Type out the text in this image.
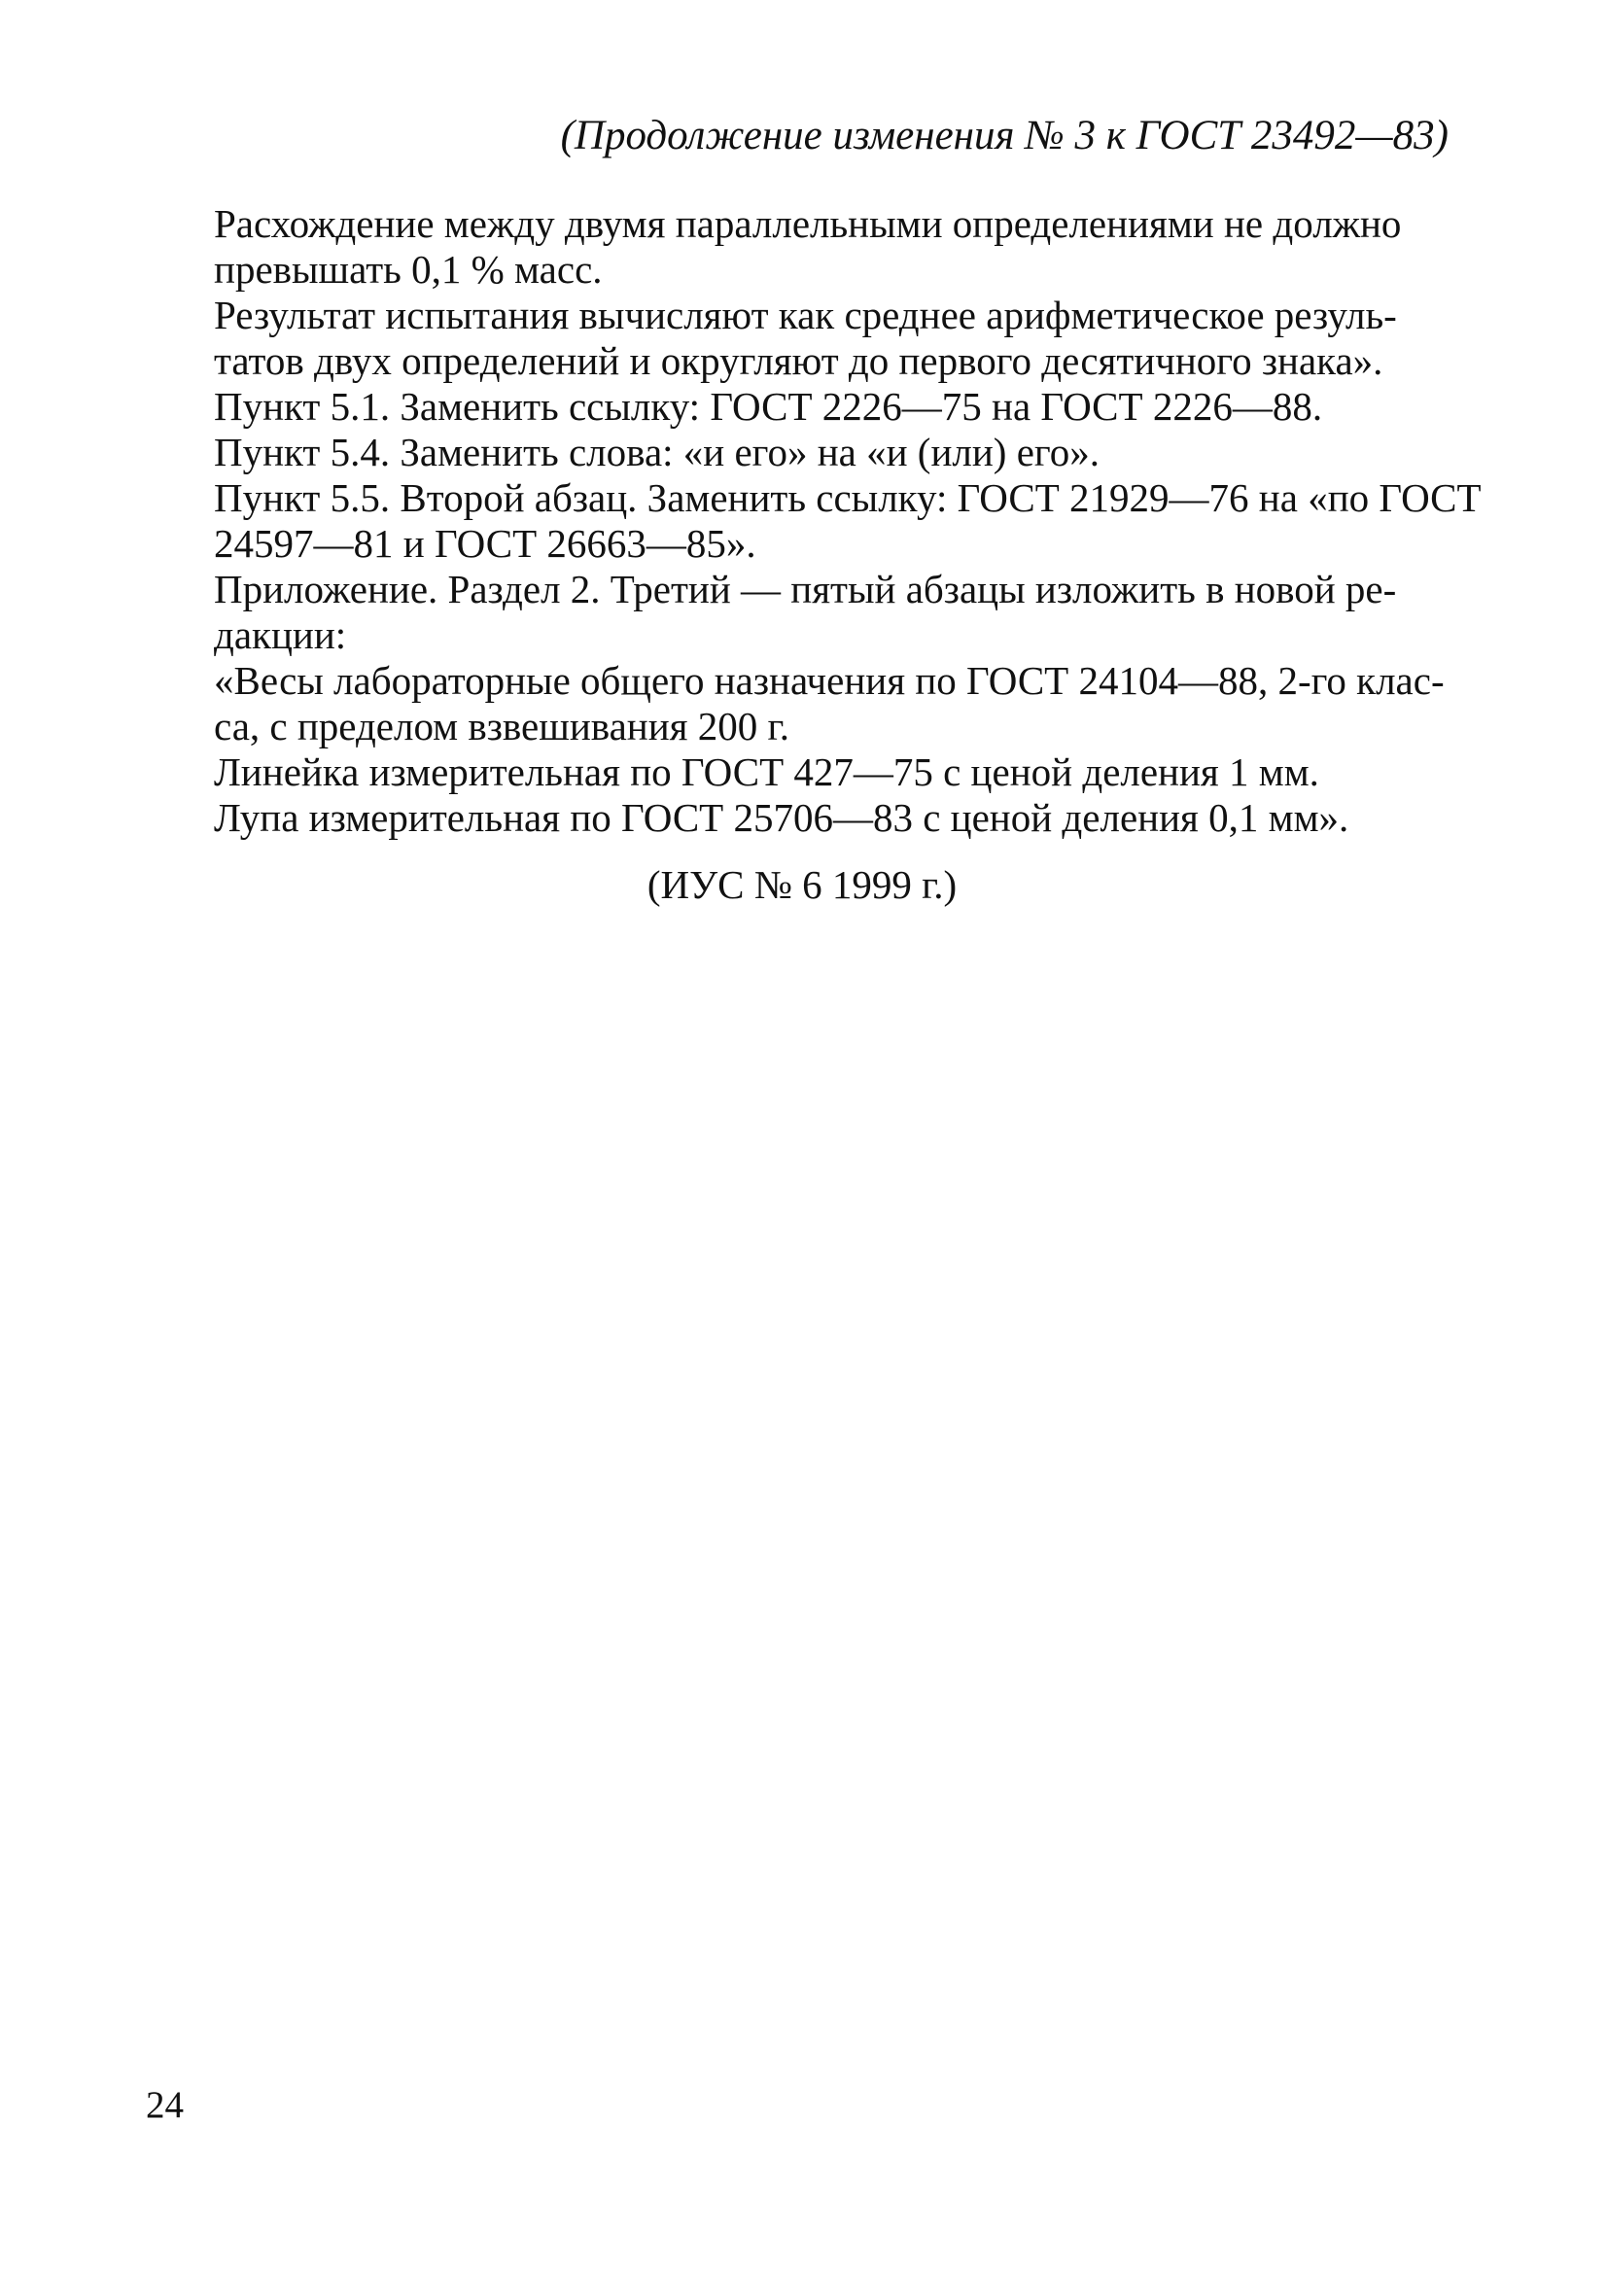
(Продолжение изменения № 3 к ГОСТ 23492—83)

Расхождение между двумя параллельными определениями не должно
превышать 0,1 % масс.

Результат испытания вычисляют как среднее арифметическое резуль-
татов двух определений и округляют до первого десятичного знака».

Пункт 5.1. Заменить ссылку: ГОСТ 2226—75 на ГОСТ 2226—88.

Пункт 5.4. Заменить слова: «и его» на «и (или) его».

Пункт 5.5. Второй абзац. Заменить ссылку: ГОСТ 21929—76 на «по ГОСТ
24597—81 и ГОСТ 26663—85».

Приложение. Раздел 2. Третий — пятый абзацы изложить в новой ре-
дакции:

«Весы лабораторные общего назначения по ГОСТ 24104—88, 2-го клас-
са, с пределом взвешивания 200 г.

Линейка измерительная по ГОСТ 427—75 с ценой деления 1 мм.

Лупа измерительная по ГОСТ 25706—83 с ценой деления 0,1 мм».

(ИУС № 6 1999 г.)
24
